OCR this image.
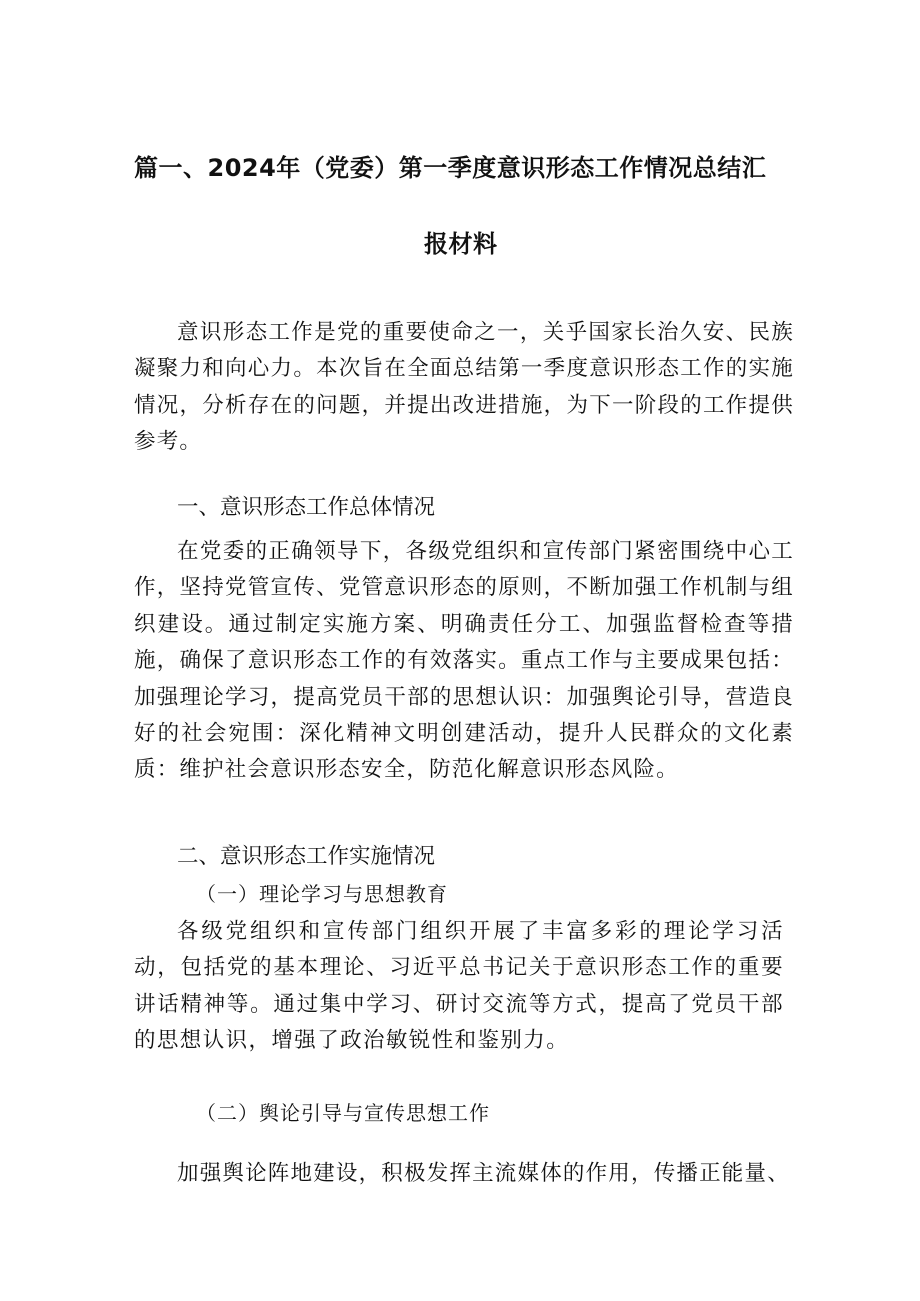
篇一、2024年（党委）第一季度意识形态工作情况总结汇
报材料

意识形态工作是党的重要使命之一，关乎国家长治久安、民族凝聚力和向心力。本次旨在全面总结第一季度意识形态工作的实施情况，分析存在的问题，并提出改进措施，为下一阶段的工作提供参考。

一、意识形态工作总体情况

在党委的正确领导下，各级党组织和宣传部门紧密围绕中心工作，坚持党管宣传、党管意识形态的原则，不断加强工作机制与组织建设。通过制定实施方案、明确责任分工、加强监督检查等措施，确保了意识形态工作的有效落实。重点工作与主要成果包括：加强理论学习，提高党员干部的思想认识：加强舆论引导，营造良好的社会宛围：深化精神文明创建活动，提升人民群众的文化素质：维护社会意识形态安全，防范化解意识形态风险。

二、意识形态工作实施情况
（一）理论学习与思想教育

各级党组织和宣传部门组织开展了丰富多彩的理论学习活动，包括党的基本理论、习近平总书记关于意识形态工作的重要讲话精神等。通过集中学习、研讨交流等方式，提高了党员干部的思想认识，增强了政治敏锐性和鉴别力。

（二）舆论引导与宣传思想工作

加强舆论阵地建设，积极发挥主流媒体的作用，传播正能量、
